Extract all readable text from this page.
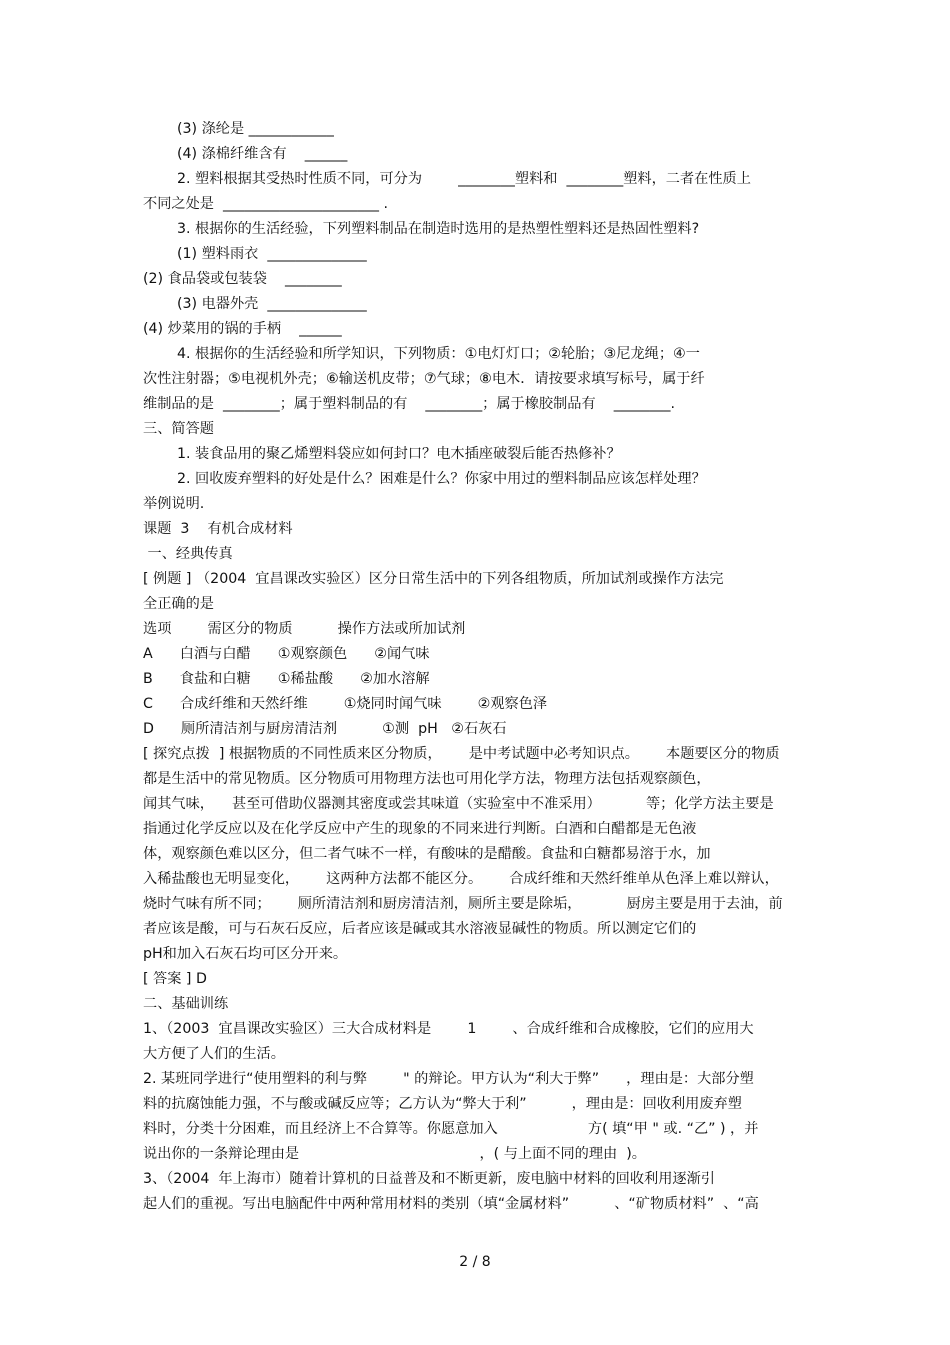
(3) 涤纶是 ____________
(4) 涤棉纤维含有    ______
2. 塑料根据其受热时性质不同，可分为        ________塑料和  ________塑料，二者在性质上
不同之处是  ______________________ .
3. 根据你的生活经验，下列塑料制品在制造时选用的是热塑性塑料还是热固性塑料?
(1) 塑料雨衣  ______________
(2) 食品袋或包装袋    ________
(3) 电器外壳  ______________
(4) 炒菜用的锅的手柄    ______
4. 根据你的生活经验和所学知识，下列物质：①电灯灯口；②轮胎；③尼龙绳；④一
次性注射器；⑤电视机外壳；⑥输送机皮带；⑦气球；⑧电木．请按要求填写标号，属于纤
维制品的是  ________；属于塑料制品的有    ________；属于橡胶制品有    ________.
三、简答题
1. 装食品用的聚乙烯塑料袋应如何封口？电木插座破裂后能否热修补？
2. 回收废弃塑料的好处是什么？困难是什么？你家中用过的塑料制品应该怎样处理？
举例说明.
课题  3    有机合成材料
一、经典传真
[ 例题 ] （2004  宜昌课改实验区）区分日常生活中的下列各组物质，所加试剂或操作方法完
全正确的是
选项        需区分的物质          操作方法或所加试剂
A      白酒与白醋      ①观察颜色      ②闻气味
B      食盐和白糖      ①稀盐酸      ②加水溶解
C      合成纤维和天然纤维        ①烧同时闻气味        ②观察色泽
D      厕所清洁剂与厨房清洁剂          ①测  pH   ②石灰石
[ 探究点拨  ] 根据物质的不同性质来区分物质，      是中考试题中必考知识点。      本题要区分的物质
都是生活中的常见物质。区分物质可用物理方法也可用化学方法，物理方法包括观察颜色，
闻其气味，    甚至可借助仪器测其密度或尝其味道（实验室中不准采用）          等；化学方法主要是
指通过化学反应以及在化学反应中产生的现象的不同来进行判断。白酒和白醋都是无色液
体，观察颜色难以区分，但二者气味不一样，有酸味的是醋酸。食盐和白糖都易溶于水，加
入稀盐酸也无明显变化，      这两种方法都不能区分。      合成纤维和天然纤维单从色泽上难以辩认，
烧时气味有所不同；      厕所清洁剂和厨房清洁剂，厕所主要是除垢，          厨房主要是用于去油，前
者应该是酸，可与石灰石反应，后者应该是碱或其水溶液显碱性的物质。所以测定它们的
pH和加入石灰石均可区分开来。
[ 答案 ] D
二、基础训练
1、（2003  宜昌课改实验区）三大合成材料是        1        、合成纤维和合成橡胶，它们的应用大
大方便了人们的生活。
2. 某班同学进行“使用塑料的利与弊        " 的辩论。甲方认为“利大于弊”      ，理由是：大部分塑
料的抗腐蚀能力强，不与酸或碱反应等；乙方认为“弊大于利”          ，理由是：回收利用废弃塑
料时，分类十分困难，而且经济上不合算等。你愿意加入                    方( 填“甲 " 或. “乙” ) ，并
说出你的一条辩论理由是                                        ，( 与上面不同的理由  )。
3、（2004  年上海市）随着计算机的日益普及和不断更新，废电脑中材料的回收利用逐渐引
起人们的重视。写出电脑配件中两种常用材料的类别（填“金属材料”          、“矿物质材料”  、“高
2 / 8
